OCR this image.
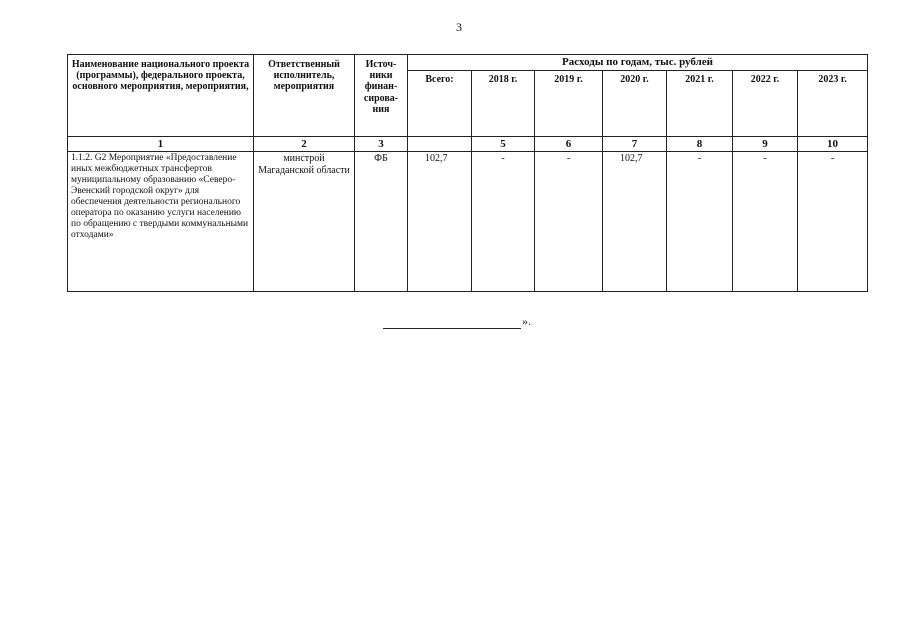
3
Наименование национального проекта (программы), федерального проекта, основного мероприятия, мероприятия,	Ответственный исполнитель, мероприятия	Источ-ники финан-сирова-ния	Расходы по годам, тыс. рублей						
			Всего:	2018 г.	2019 г.	2020 г.	2021 г.	2022 г.	2023 г.
1	2	3		5	6	7	8	9	10
1.1.2. G2 Мероприятие «Предоставление иных межбюджетных трансфертов муниципальному образованию «Северо-Эвенский городской округ» для обеспечения деятельности регионального оператора по оказанию услуги населению по обращению с твердыми коммунальными отходами»	минстрой Магаданской области	ФБ	102,7	-	-	102,7	-	-	-
».
